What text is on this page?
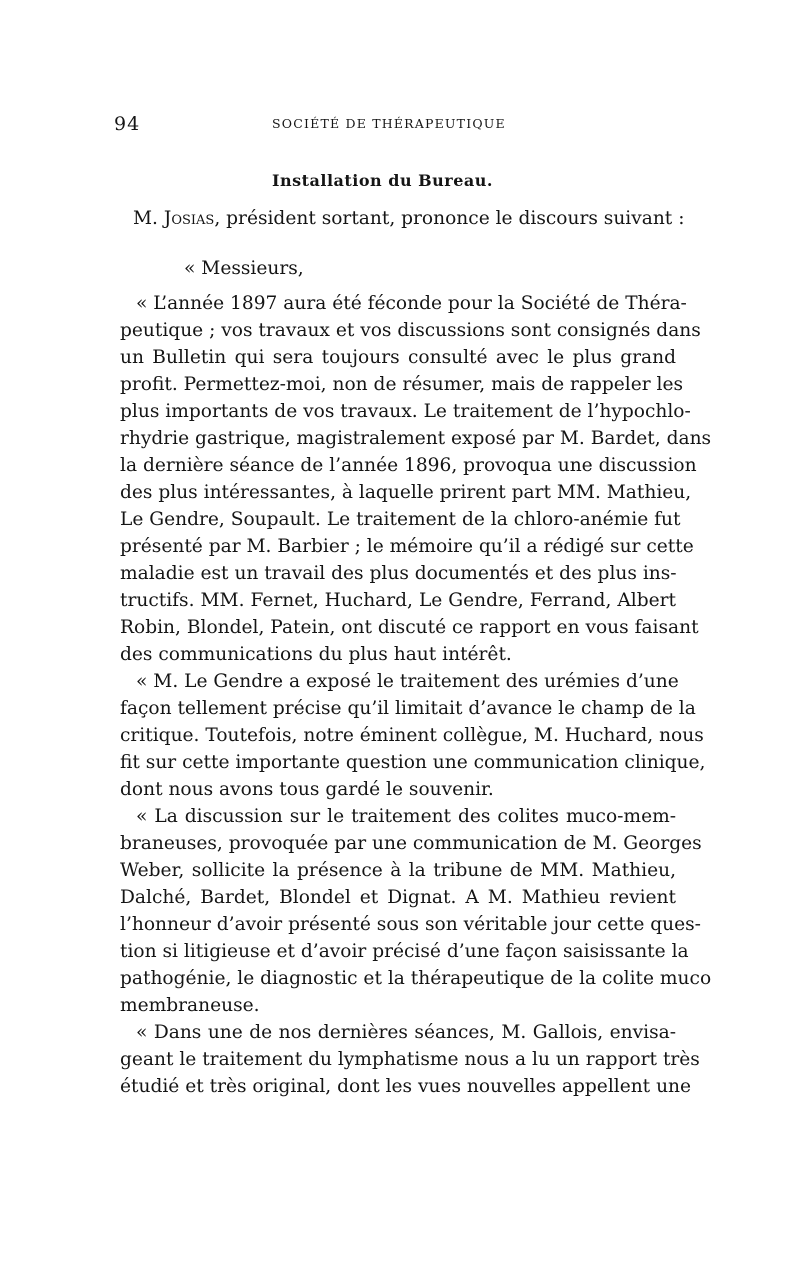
94	SOCIÉTÉ DE THÉRAPEUTIQUE
Installation du Bureau.
M. Josias, président sortant, prononce le discours suivant :
« Messieurs,
« L’année 1897 aura été féconde pour la Société de Théra-
peutique ; vos travaux et vos discussions sont consignés dans
un Bulletin qui sera toujours consulté avec le plus grand
profit. Permettez-moi, non de résumer, mais de rappeler les
plus importants de vos travaux. Le traitement de l’hypochlo-
rhydrie gastrique, magistralement exposé par M. Bardet, dans
la dernière séance de l’année 1896, provoqua une discussion
des plus intéressantes, à laquelle prirent part MM. Mathieu,
Le Gendre, Soupault. Le traitement de la chloro-anémie fut
présenté par M. Barbier ; le mémoire qu’il a rédigé sur cette
maladie est un travail des plus documentés et des plus ins-
tructifs. MM. Fernet, Huchard, Le Gendre, Ferrand, Albert
Robin, Blondel, Patein, ont discuté ce rapport en vous faisant
des communications du plus haut intérêt.
« M. Le Gendre a exposé le traitement des urémies d’une
façon tellement précise qu’il limitait d’avance le champ de la
critique. Toutefois, notre éminent collègue, M. Huchard, nous
fit sur cette importante question une communication clinique,
dont nous avons tous gardé le souvenir.
« La discussion sur le traitement des colites muco-mem-
braneuses, provoquée par une communication de M. Georges
Weber, sollicite la présence à la tribune de MM. Mathieu,
Dalché, Bardet, Blondel et Dignat. A M. Mathieu revient
l’honneur d’avoir présenté sous son véritable jour cette ques-
tion si litigieuse et d’avoir précisé d’une façon saisissante la
pathogénie, le diagnostic et la thérapeutique de la colite muco
membraneuse.
« Dans une de nos dernières séances, M. Gallois, envisa-
geant le traitement du lymphatisme nous a lu un rapport très
étudié et très original, dont les vues nouvelles appellent une
